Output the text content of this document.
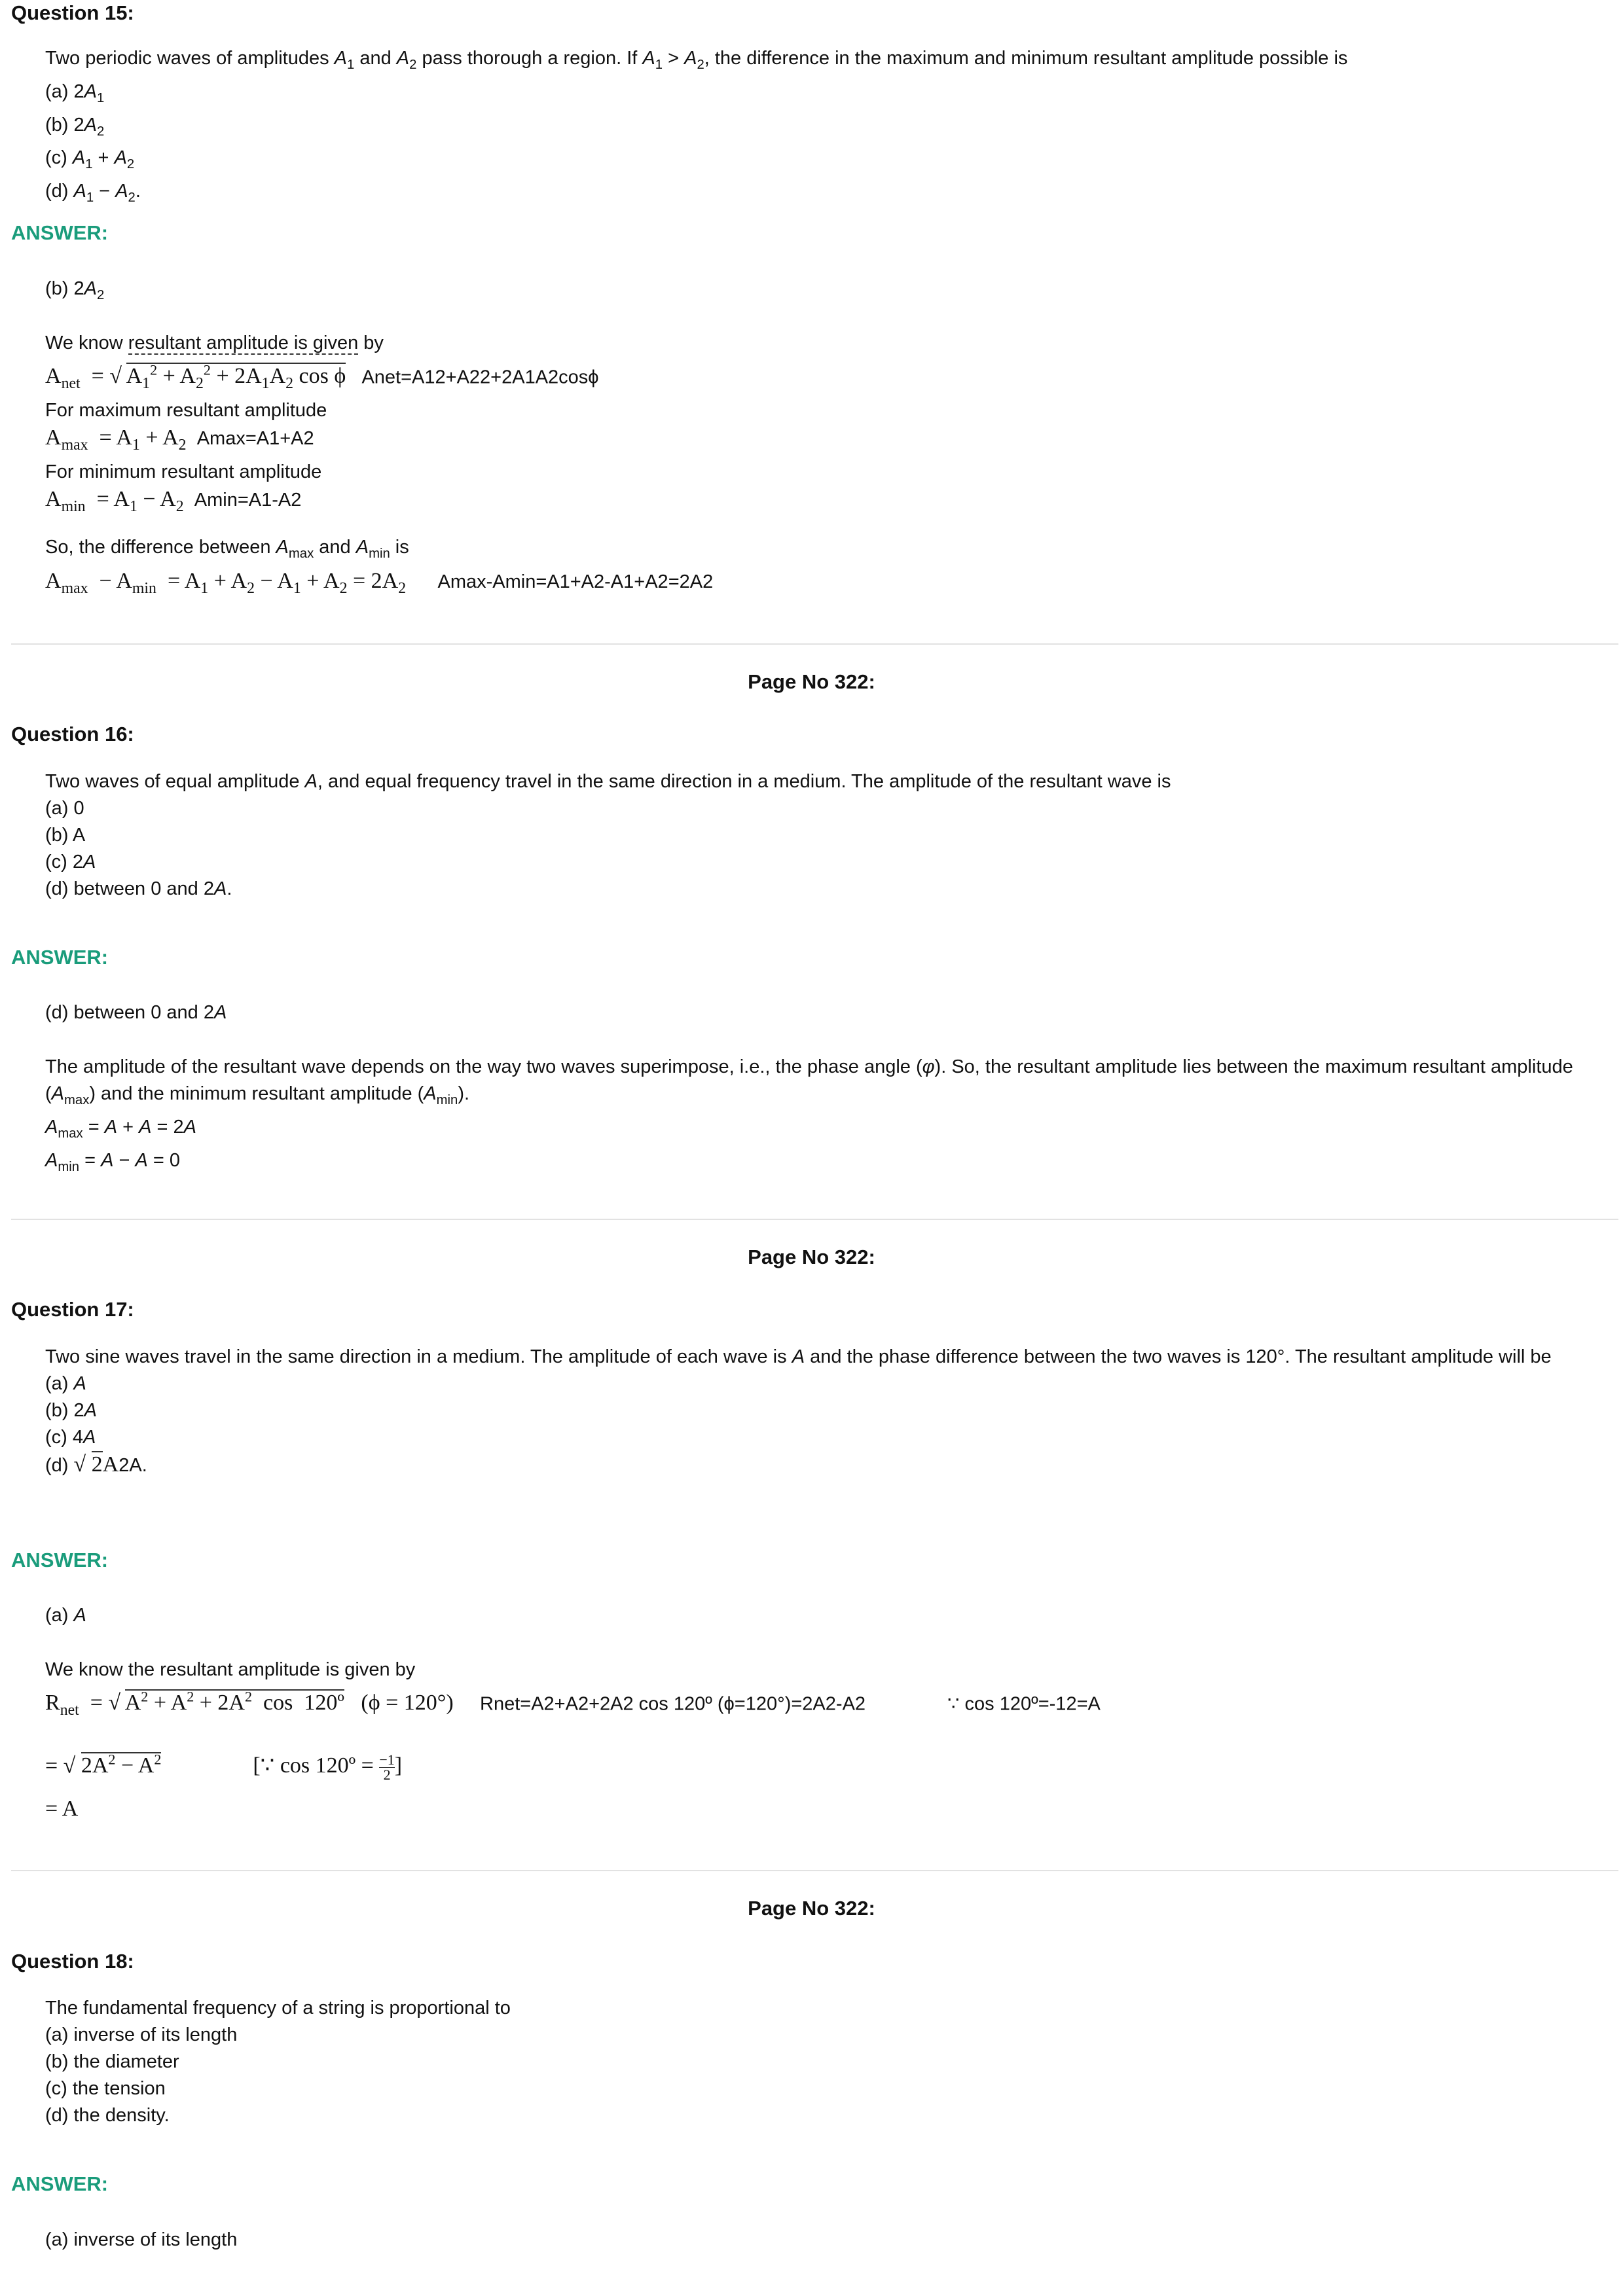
Question 15:
Two periodic waves of amplitudes $A_1$ and $A_2$ pass thorough a region. If $A_1 > A_2$, the difference in the maximum and minimum resultant amplitude possible is
(a) $2A_1$
(b) $2A_2$
(c) $A_1 + A_2$
(d) $A_1 - A_2$.
ANSWER:
(b) $2A_2$
We know resultant amplitude is given by
$A_{net}$  = √ $A_1^2 + A_2^2 + 2A_1A_2$ cos ϕ Anet=A12+A22+2A1A2cosϕ
For maximum resultant amplitude
$A_{max} = A_1 + A_2$ Amax=A1+A2
For minimum resultant amplitude
$A_{min} = A_1 - A_2$ Amin=A1-A2
So, the difference between $A_{max}$ and $A_{min}$ is
$A_{max} - A_{min} = A_1 + A_2 - A_1 + A_2 = 2A_2$ Amax-Amin=A1+A2-A1+A2=2A2
Page No 322:
Question 16:
Two waves of equal amplitude A, and equal frequency travel in the same direction in a medium. The amplitude of the resultant wave is
(a) 0
(b) A
(c) 2A
(d) between 0 and 2A.
ANSWER:
(d) between 0 and 2A
The amplitude of the resultant wave depends on the way two waves superimpose, i.e., the phase angle (φ). So, the resultant amplitude lies between the maximum resultant amplitude $(A_{max})$ and the minimum resultant amplitude $(A_{min})$.
$A_{max} = A + A = 2A$
$A_{min} = A - A = 0$
Page No 322:
Question 17:
Two sine waves travel in the same direction in a medium. The amplitude of each wave is A and the phase difference between the two waves is 120°. The resultant amplitude will be
(a) A
(b) 2A
(c) 4A
(d) √ 2A2A.
ANSWER:
(a) A
We know the resultant amplitude is given by
$R_{net}$  = √ $A^2 + A^2 + 2A^2$  cos  120º   (ϕ = 120°) Rnet=A2+A2+2A2 cos 120º (ϕ=120°)=2A2-A2	∵ cos 120º=-12=A
= √ $2A^2 - A^2$	[∵ cos 120º = $\frac{-1}{2}$ ]
= A
Page No 322:
Question 18:
The fundamental frequency of a string is proportional to
(a) inverse of its length
(b) the diameter
(c) the tension
(d) the density.
ANSWER:
(a) inverse of its length
